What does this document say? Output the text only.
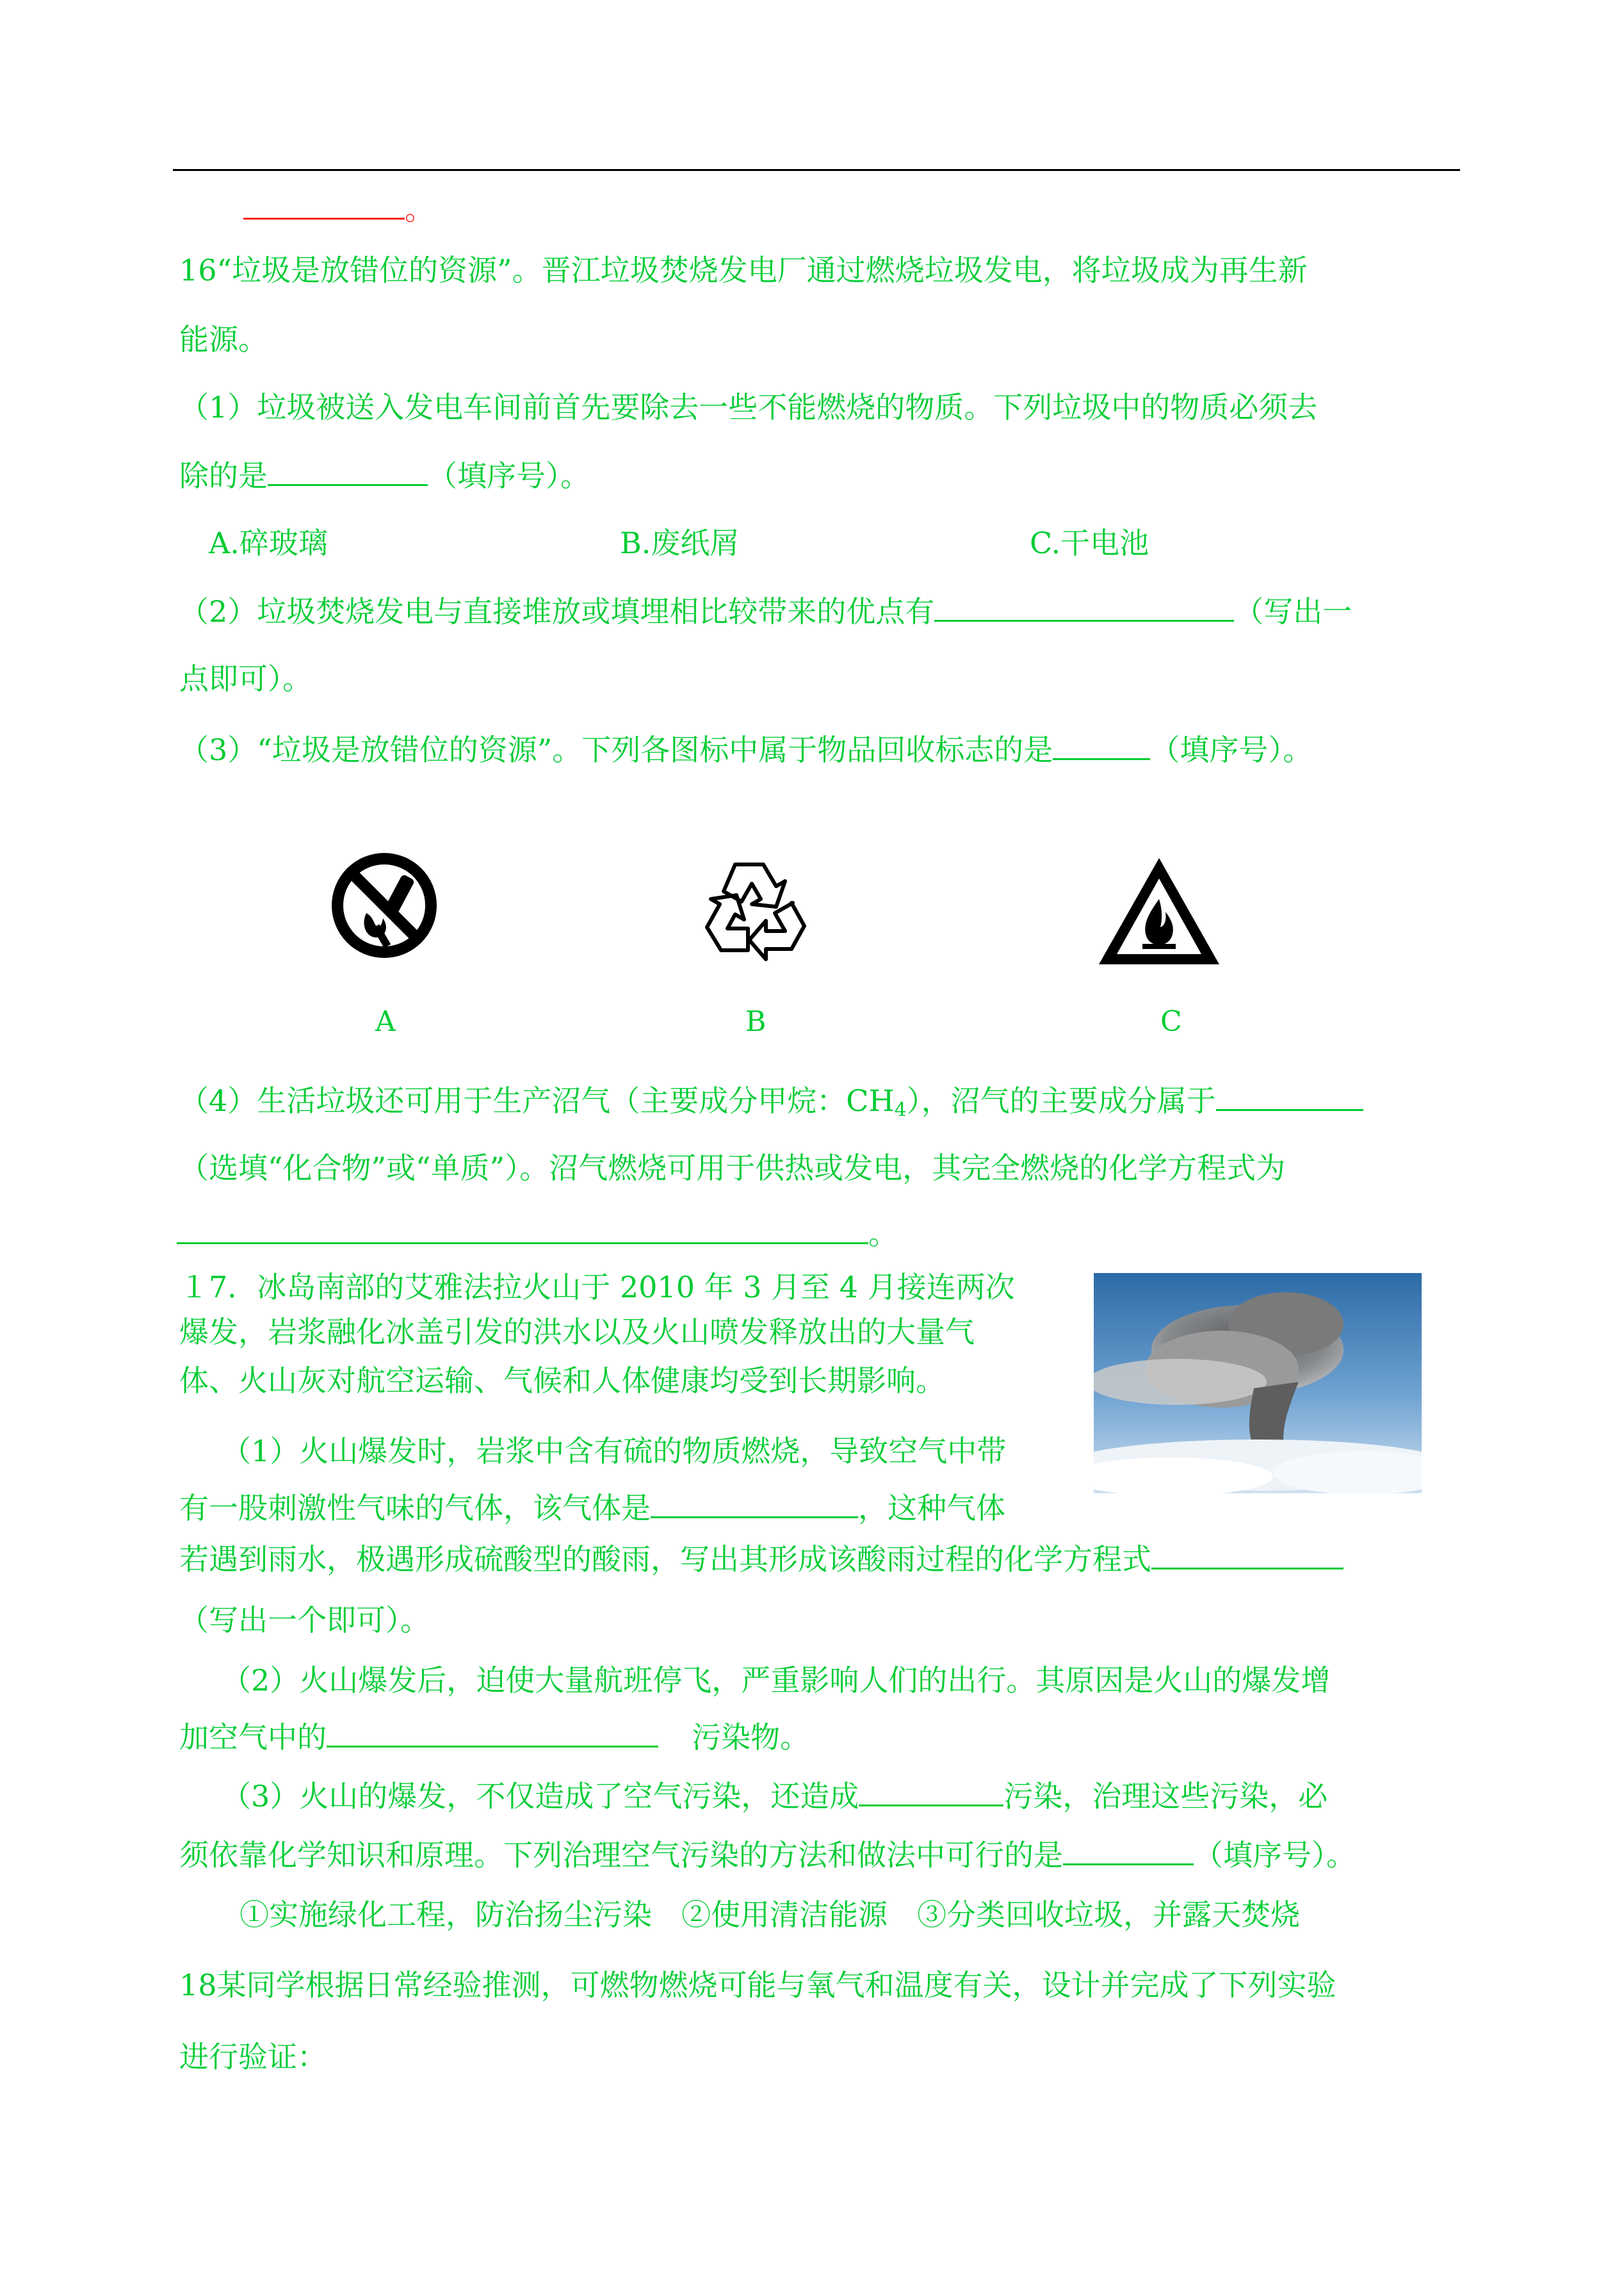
。
16“垃圾是放错位的资源”。晋江垃圾焚烧发电厂通过燃烧垃圾发电，将垃圾成为再生新
能源。
（1）垃圾被送入发电车间前首先要除去一些不能燃烧的物质。下列垃圾中的物质必须去
除的是	（填序号）。
A.碎玻璃	B.废纸屑	C.干电池
（2）垃圾焚烧发电与直接堆放或填埋相比较带来的优点有	（写出一
点即可）。
（3）“垃圾是放错位的资源”。下列各图标中属于物品回收标志的是	（填序号）。
A	B	C
（4）生活垃圾还可用于生产沼气（主要成分甲烷：$CH_4$），沼气的主要成分属于
（选填“化合物”或“单质”）。沼气燃烧可用于供热或发电，其完全燃烧的化学方程式为
。
１7．冰岛南部的艾雅法拉火山于 2010 年 3 月至 4 月接连两次
爆发，岩浆融化冰盖引发的洪水以及火山喷发释放出的大量气
体、火山灰对航空运输、气候和人体健康均受到长期影响。
（1）火山爆发时，岩浆中含有硫的物质燃烧，导致空气中带
有一股刺激性气味的气体，该气体是	，这种气体
若遇到雨水，极遇形成硫酸型的酸雨，写出其形成该酸雨过程的化学方程式
（写出一个即可）。
（2）火山爆发后，迫使大量航班停飞，严重影响人们的出行。其原因是火山的爆发增
加空气中的	污染物。
（3）火山的爆发，不仅造成了空气污染，还造成	污染，治理这些污染，必
须依靠化学知识和原理。下列治理空气污染的方法和做法中可行的是	（填序号）。
①实施绿化工程，防治扬尘污染　②使用清洁能源　③分类回收垃圾，并露天焚烧
18某同学根据日常经验推测，可燃物燃烧可能与氧气和温度有关，设计并完成了下列实验
进行验证：
